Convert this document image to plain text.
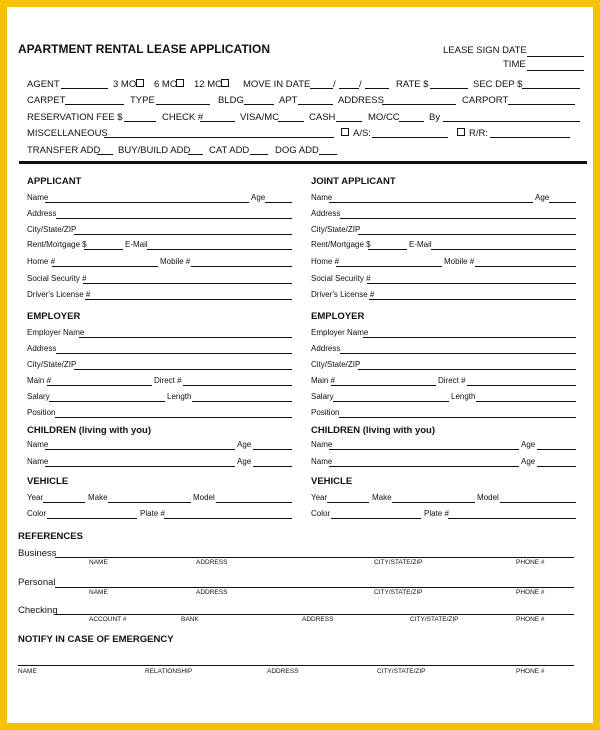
APARTMENT RENTAL LEASE APPLICATION	LEASE SIGN DATE
TIME
AGENT	3 MO 6 MO 12 MO MOVE IN DATE / /	RATE $	SEC DEP $
CARPET	TYPE	BLDG	APT	ADDRESS	CARPORT
RESERVATION FEE $	CHECK #	VISA/MC	CASH	MO/CC	By
MISCELLANEOUS	A/S:	R/R:
TRANSFER ADD BUY/BUILD ADD CAT ADD	DOG ADD
APPLICANT
Name	Age
Address
City/State/ZIP
Rent/Mortgage $	E-Mail
Home #	Mobile #
Social Security #
Driver's License #
EMPLOYER
Employer Name
Address
City/State/ZIP
Main #	Direct #
Salary	Length
Position
CHILDREN (living with you)
Name	Age
Name	Age
VEHICLE
Year	Make	Model
Color	Plate #
JOINT APPLICANT
Name	Age
Address
City/State/ZIP
Rent/Mortgage $	E-Mail
Home #	Mobile #
Social Security #
Driver's License #
EMPLOYER
Employer Name
Address
City/State/ZIP
Main #	Direct #
Salary	Length
Position
CHILDREN (living with you)
Name	Age
Name	Age
VEHICLE
Year	Make	Model
Color	Plate #
REFERENCES
Business
NAME	ADDRESS	CITY/STATE/ZIP	PHONE #
Personal
NAME	ADDRESS	CITY/STATE/ZIP	PHONE #
Checking
ACCOUNT #	BANK	ADDRESS	CITY/STATE/ZIP	PHONE #
NOTIFY IN CASE OF EMERGENCY
NAME	RELATIONSHIP	ADDRESS	CITY/STATE/ZIP	PHONE #
